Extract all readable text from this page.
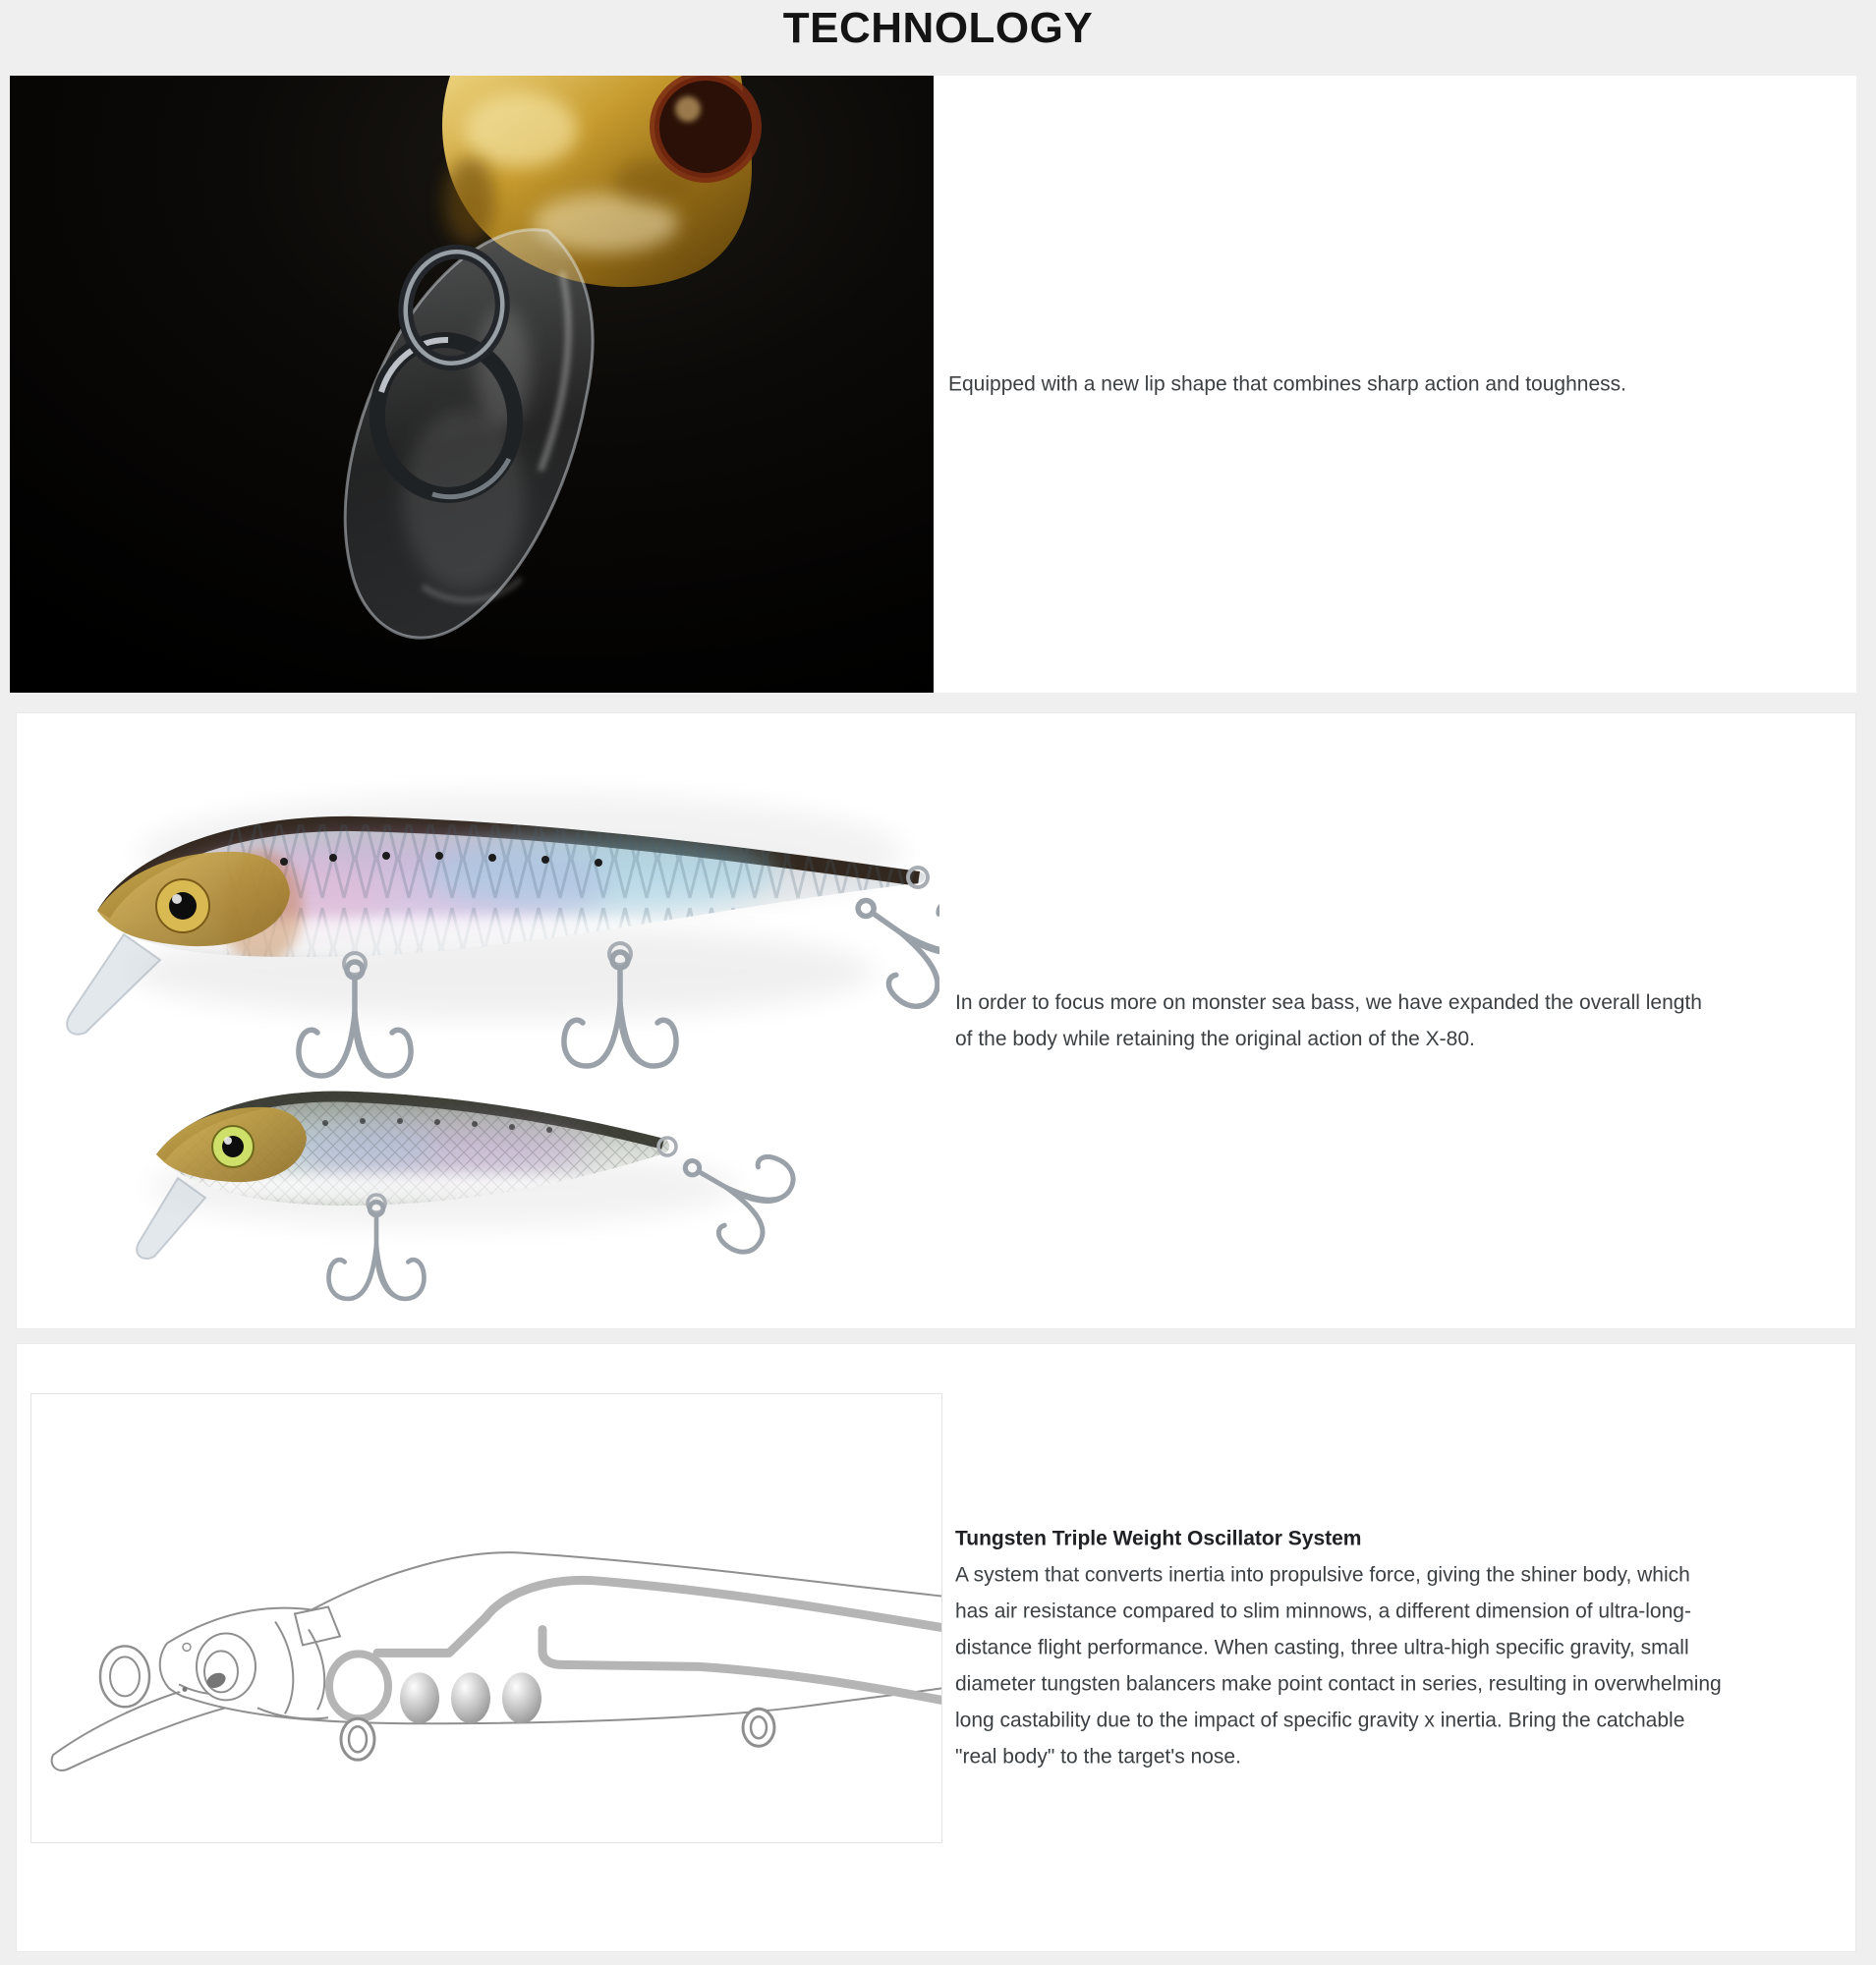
TECHNOLOGY
Equipped with a new lip shape that combines sharp action and toughness.
In order to focus more on monster sea bass, we have expanded the overall length of the body while retaining the original action of the X-80.
Tungsten Triple Weight Oscillator System
A system that converts inertia into propulsive force, giving the shiner body, which has air resistance compared to slim minnows, a different dimension of ultra-long-distance flight performance. When casting, three ultra-high specific gravity, small diameter tungsten balancers make point contact in series, resulting in overwhelming long castability due to the impact of specific gravity x inertia. Bring the catchable "real body" to the target's nose.
